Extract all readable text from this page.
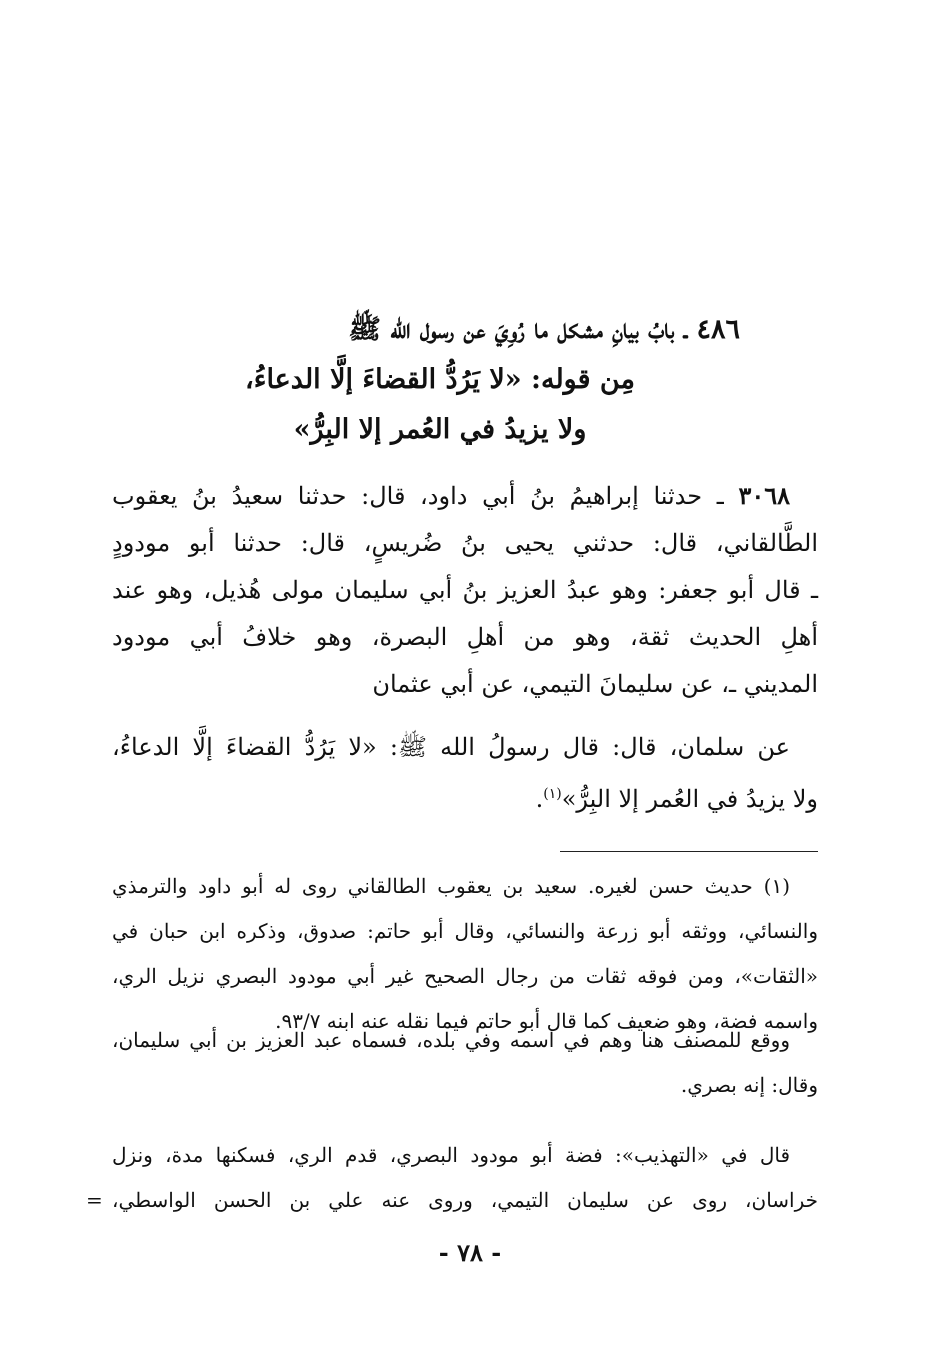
٤٨٦ ـ بابُ بيانِ مشكل ما رُوِيَ عن رسول الله ﷺ
مِن قوله: «لا يَرُدُّ القضاءَ إلَّا الدعاءُ،
ولا يزيدُ في العُمر إلا البِرُّ»
٣٠٦٨ ـ حدثنا إبراهيمُ بنُ أبي داود، قال: حدثنا سعيدُ بنُ يعقوب
الطَّالقاني، قال: حدثني يحيى بنُ ضُريسٍ، قال: حدثنا أبو مودودٍ
ـ قال أبو جعفر: وهو عبدُ العزيز بنُ أبي سليمان مولى هُذيل، وهو عند
أهلِ الحديث ثقة، وهو من أهلِ البصرة، وهو خلافُ أبي مودود
المديني ـ، عن سليمانَ التيمي، عن أبي عثمان
عن سلمان، قال: قال رسولُ الله ﷺ: «لا يَرُدُّ القضاءَ إلَّا الدعاءُ،
ولا يزيدُ في العُمر إلا البِرُّ»$^{(١)}$.
(١) حديث حسن لغيره. سعيد بن يعقوب الطالقاني روى له أبو داود والترمذي
والنسائي، ووثقه أبو زرعة والنسائي، وقال أبو حاتم: صدوق، وذكره ابن حبان في
«الثقات»، ومن فوقه ثقات من رجال الصحيح غير أبي مودود البصري نزيل الري،
واسمه فضة، وهو ضعيف كما قال أبو حاتم فيما نقله عنه ابنه ٩٣/٧.
ووقع للمصنف هنا وهم في اسمه وفي بلده، فسماه عبد العزيز بن أبي سليمان،
وقال: إنه بصري.
قال في «التهذيب»: فضة أبو مودود البصري، قدم الري، فسكنها مدة، ونزل
خراسان، روى عن سليمان التيمي، وروى عنه علي بن الحسن الواسطي،
=
- ٧٨ -
